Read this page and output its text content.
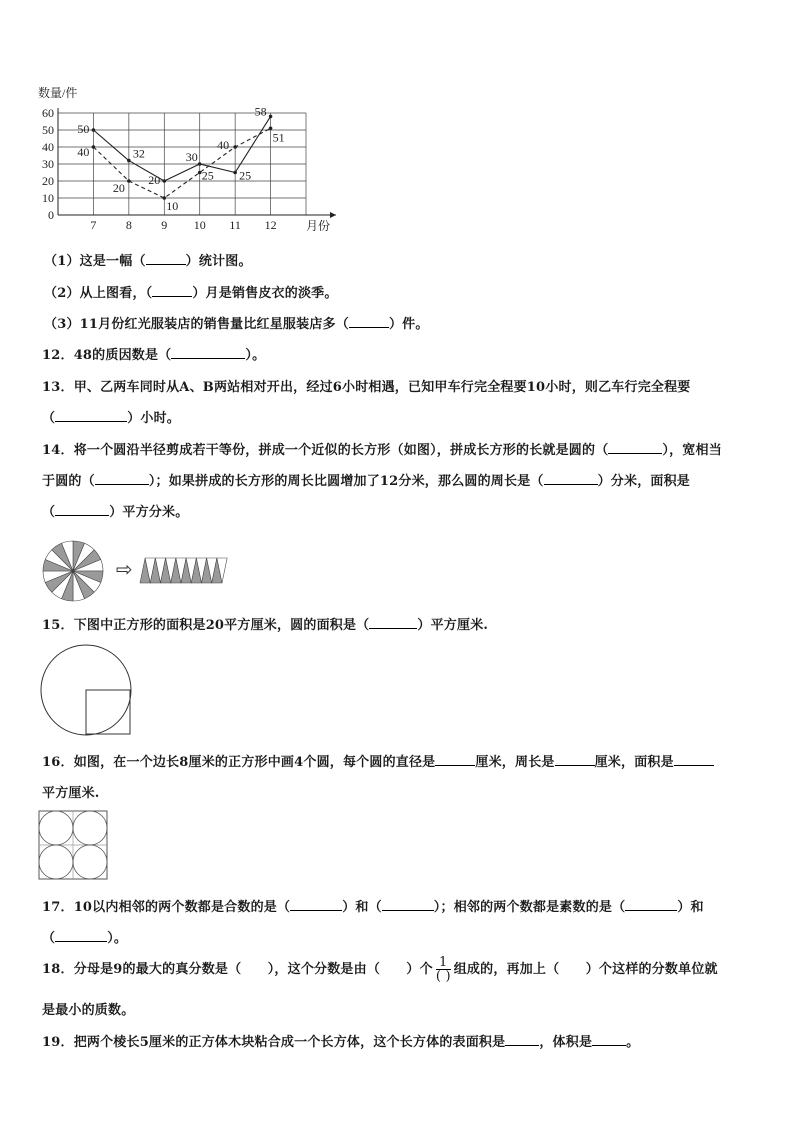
数量/件
0
10
20
30
40
50
60
7 8 9 10 11 12
50
32
20
30
25
58
40
20
10
25
40
51
月份
（1）这是一幅（	）统计图。
（2）从上图看，（	）月是销售皮衣的淡季。
（3）11月份红光服装店的销售量比红星服装店多（	）件。
12．48的质因数是（	）。
13．甲、乙两车同时从A、B两站相对开出，经过6小时相遇，已知甲车行完全程要10小时，则乙车行完全程要
（	）小时。
14．将一个圆沿半径剪成若干等份，拼成一个近似的长方形（如图），拼成长方形的长就是圆的（	），宽相当
于圆的（	）；如果拼成的长方形的周长比圆增加了12分米，那么圆的周长是（	）分米，面积是
（	）平方分米。
⇨
15．下图中正方形的面积是20平方厘米，圆的面积是（	）平方厘米.
16．如图，在一个边长8厘米的正方形中画4个圆，每个圆的直径是	厘米，周长是	厘米，面积是
平方厘米.
17．10以内相邻的两个数都是合数的是（	）和（	）；相邻的两个数都是素数的是（	）和
（	）。
18．分母是9的最大的真分数是（　　），这个分数是由（　　）个 $\frac{1}{( )}$ 组成的，再加上（　　）个这样的分数单位就
是最小的质数。
19．把两个棱长5厘米的正方体木块粘合成一个长方体，这个长方体的表面积是	，体积是	。
